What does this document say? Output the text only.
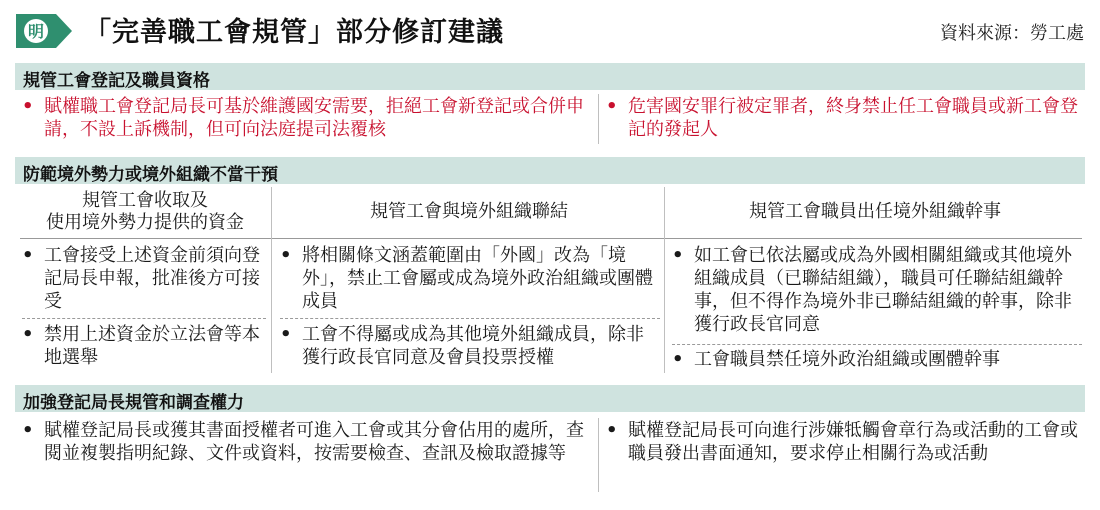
明 「完善職工會規管」部分修訂建議	資料來源：勞工處
規管工會登記及職員資格
• 賦權職工會登記局長可基於維護國安需要，拒絕工會新登記或合併申請，不設上訴機制，但可向法庭提司法覆核
• 危害國安罪行被定罪者，終身禁止任工會職員或新工會登記的發起人
防範境外勢力或境外組織不當干預
規管工會收取及
使用境外勢力提供的資金
規管工會與境外組織聯結	規管工會職員出任境外組織幹事
• 工會接受上述資金前須向登記局長申報，批准後方可接受
• 禁用上述資金於立法會等本地選舉
• 將相關條文涵蓋範圍由「外國」改為「境外」，禁止工會屬或成為境外政治組織或團體成員
• 工會不得屬或成為其他境外組織成員，除非獲行政長官同意及會員投票授權
• 如工會已依法屬或成為外國相關組織或其他境外組織成員（已聯結組織），職員可任聯結組織幹事，但不得作為境外非已聯結組織的幹事，除非獲行政長官同意
• 工會職員禁任境外政治組織或團體幹事
加強登記局長規管和調查權力
• 賦權登記局長或獲其書面授權者可進入工會或其分會佔用的處所，查閱並複製指明紀錄、文件或資料，按需要檢查、查訊及檢取證據等
• 賦權登記局長可向進行涉嫌牴觸會章行為或活動的工會或職員發出書面通知，要求停止相關行為或活動
